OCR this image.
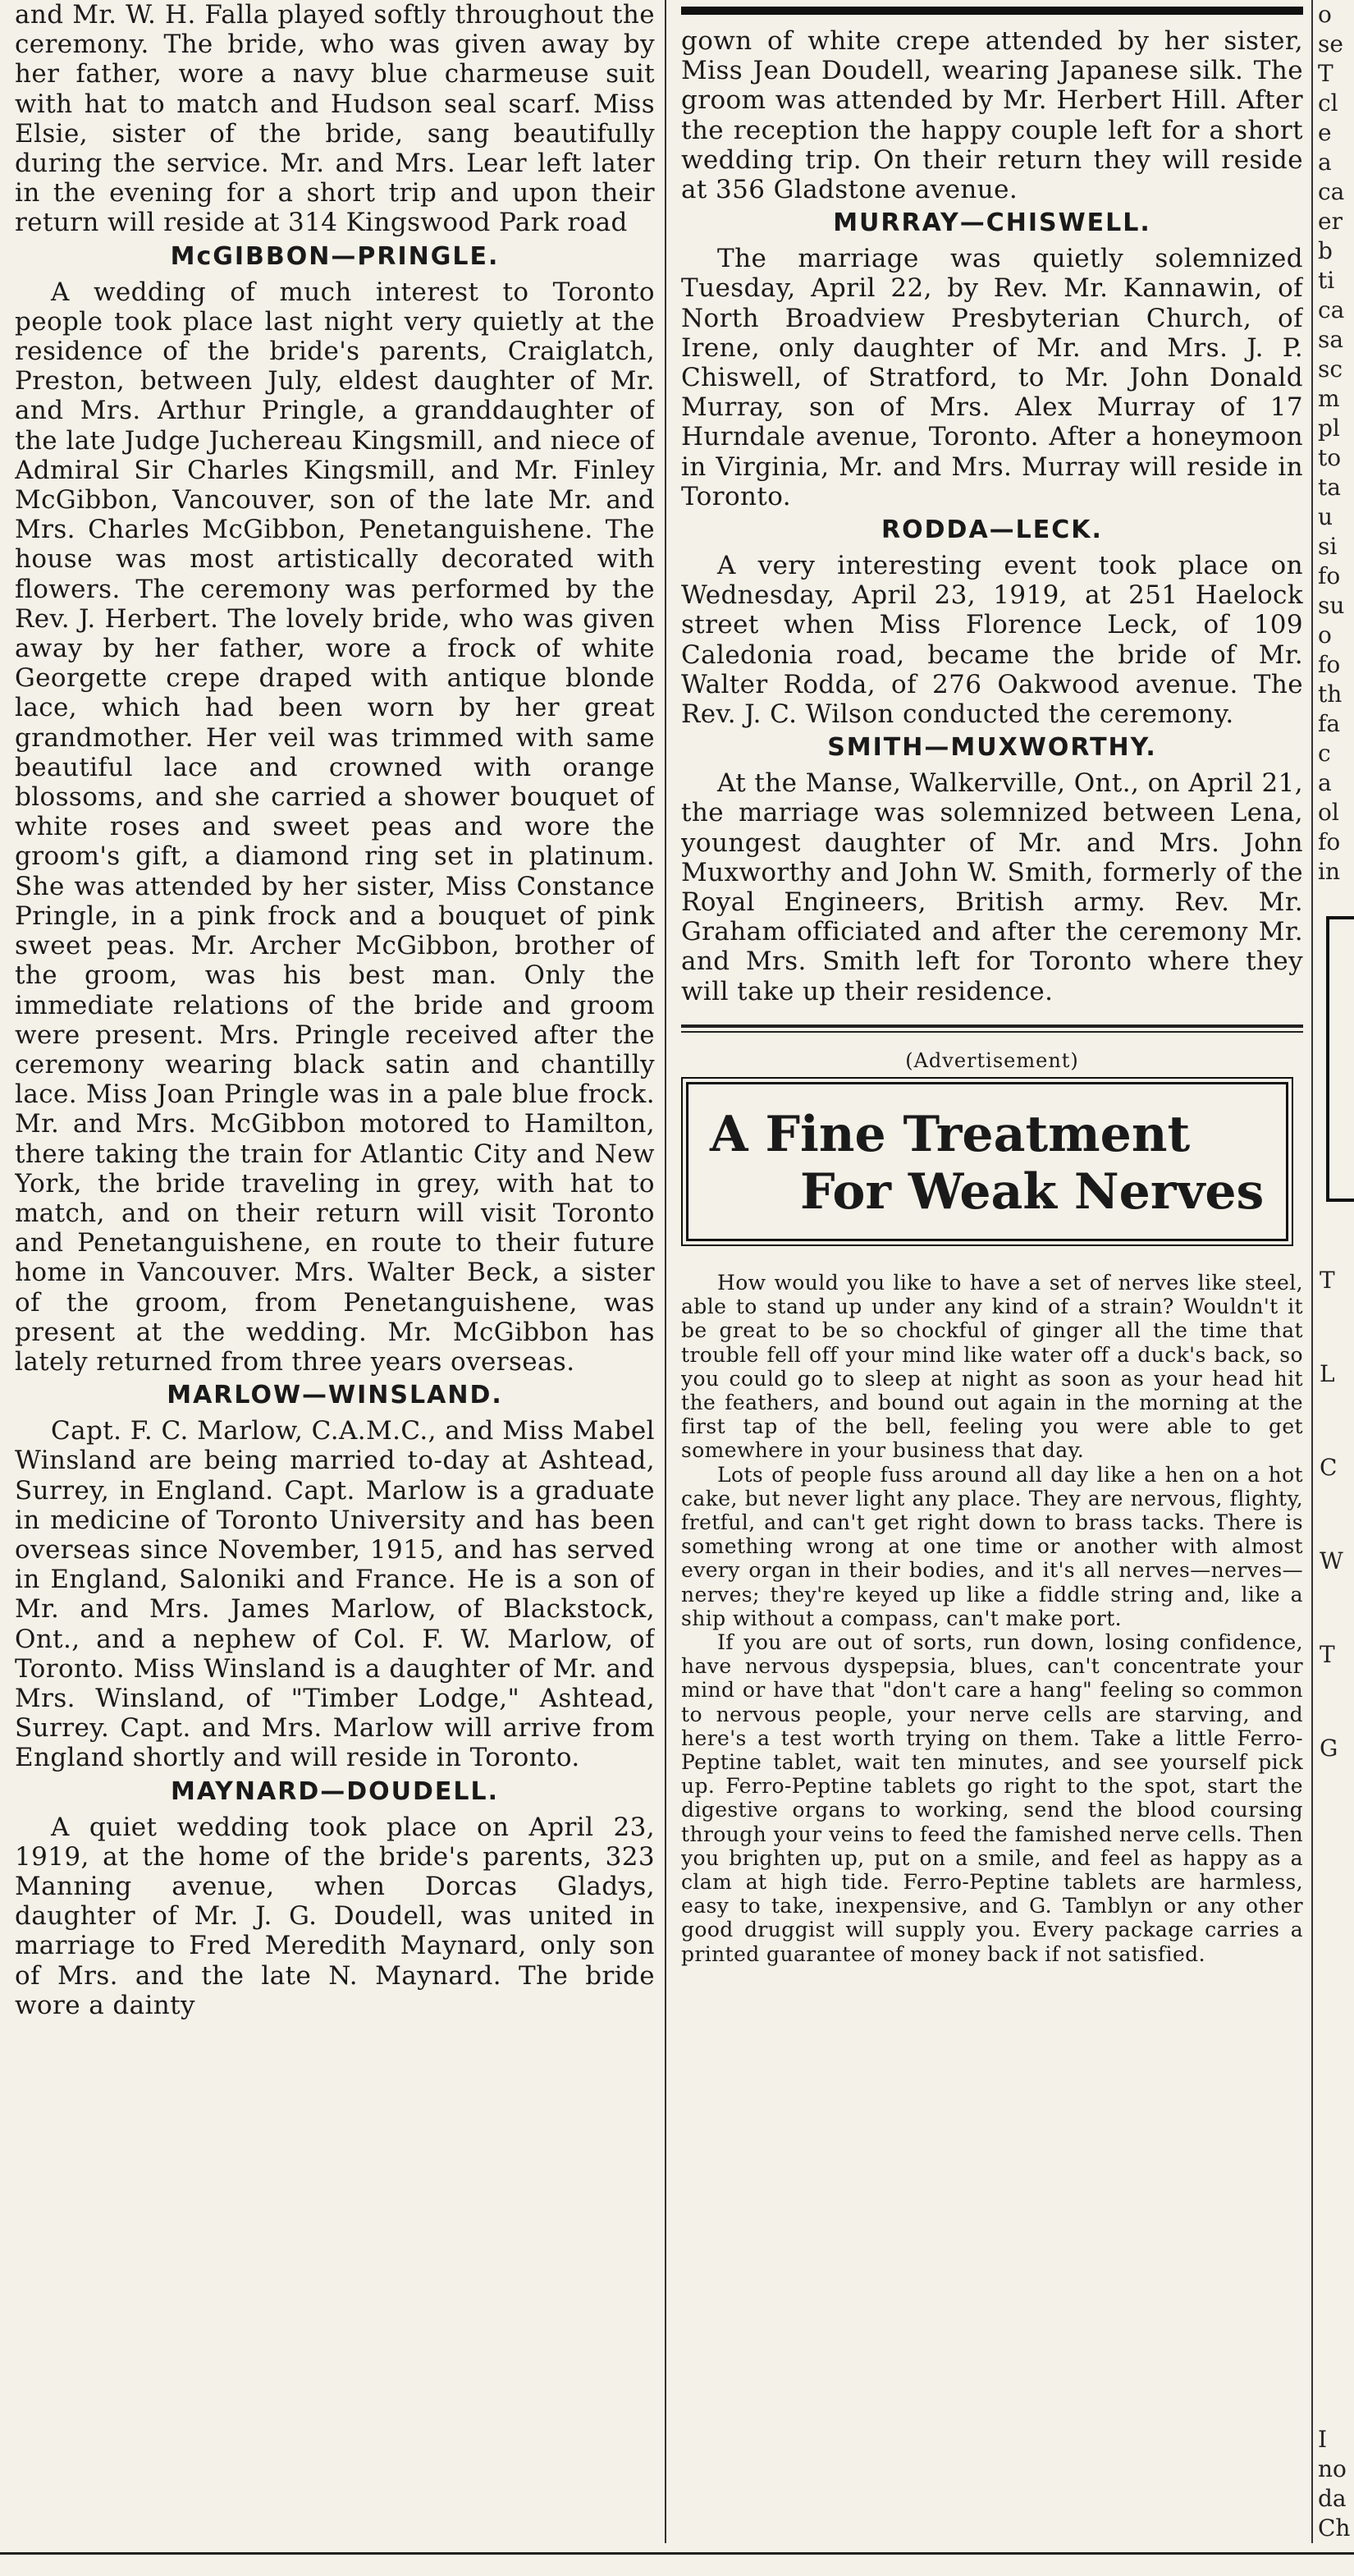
and Mr. W. H. Falla played softly throughout the ceremony. The bride, who was given away by her father, wore a navy blue charmeuse suit with hat to match and Hudson seal scarf. Miss Elsie, sister of the bride, sang beautifully during the service. Mr. and Mrs. Lear left later in the evening for a short trip and upon their return will reside at 314 Kingswood Park road

McGIBBON—PRINGLE.

A wedding of much interest to Toronto people took place last night very quietly at the residence of the bride's parents, Craiglatch, Preston, between July, eldest daughter of Mr. and Mrs. Arthur Pringle, a granddaughter of the late Judge Juchereau Kingsmill, and niece of Admiral Sir Charles Kingsmill, and Mr. Finley McGibbon, Vancouver, son of the late Mr. and Mrs. Charles McGibbon, Penetanguishene. The house was most artistically decorated with flowers. The ceremony was performed by the Rev. J. Herbert. The lovely bride, who was given away by her father, wore a frock of white Georgette crepe draped with antique blonde lace, which had been worn by her great grandmother. Her veil was trimmed with same beautiful lace and crowned with orange blossoms, and she carried a shower bouquet of white roses and sweet peas and wore the groom's gift, a diamond ring set in platinum. She was attended by her sister, Miss Constance Pringle, in a pink frock and a bouquet of pink sweet peas. Mr. Archer McGibbon, brother of the groom, was his best man. Only the immediate relations of the bride and groom were present. Mrs. Pringle received after the ceremony wearing black satin and chantilly lace. Miss Joan Pringle was in a pale blue frock. Mr. and Mrs. McGibbon motored to Hamilton, there taking the train for Atlantic City and New York, the bride traveling in grey, with hat to match, and on their return will visit Toronto and Penetanguishene, en route to their future home in Vancouver. Mrs. Walter Beck, a sister of the groom, from Penetanguishene, was present at the wedding. Mr. McGibbon has lately returned from three years overseas.

MARLOW—WINSLAND.

Capt. F. C. Marlow, C.A.M.C., and Miss Mabel Winsland are being married to-day at Ashtead, Surrey, in England. Capt. Marlow is a graduate in medicine of Toronto University and has been overseas since November, 1915, and has served in England, Saloniki and France. He is a son of Mr. and Mrs. James Marlow, of Blackstock, Ont., and a nephew of Col. F. W. Marlow, of Toronto. Miss Winsland is a daughter of Mr. and Mrs. Winsland, of "Timber Lodge," Ashtead, Surrey. Capt. and Mrs. Marlow will arrive from England shortly and will reside in Toronto.

MAYNARD—DOUDELL.

A quiet wedding took place on April 23, 1919, at the home of the bride's parents, 323 Manning avenue, when Dorcas Gladys, daughter of Mr. J. G. Doudell, was united in marriage to Fred Meredith Maynard, only son of Mrs. and the late N. Maynard. The bride wore a dainty

gown of white crepe attended by her sister, Miss Jean Doudell, wearing Japanese silk. The groom was attended by Mr. Herbert Hill. After the reception the happy couple left for a short wedding trip. On their return they will reside at 356 Gladstone avenue.

MURRAY—CHISWELL.

The marriage was quietly solemnized Tuesday, April 22, by Rev. Mr. Kannawin, of North Broadview Presbyterian Church, of Irene, only daughter of Mr. and Mrs. J. P. Chiswell, of Stratford, to Mr. John Donald Murray, son of Mrs. Alex Murray of 17 Hurndale avenue, Toronto. After a honeymoon in Virginia, Mr. and Mrs. Murray will reside in Toronto.

RODDA—LECK.

A very interesting event took place on Wednesday, April 23, 1919, at 251 Haelock street when Miss Florence Leck, of 109 Caledonia road, became the bride of Mr. Walter Rodda, of 276 Oakwood avenue. The Rev. J. C. Wilson conducted the ceremony.

SMITH—MUXWORTHY.

At the Manse, Walkerville, Ont., on April 21, the marriage was solemnized between Lena, youngest daughter of Mr. and Mrs. John Muxworthy and John W. Smith, formerly of the Royal Engineers, British army. Rev. Mr. Graham officiated and after the ceremony Mr. and Mrs. Smith left for Toronto where they will take up their residence.

(Advertisement)
A Fine Treatment
For Weak Nerves

How would you like to have a set of nerves like steel, able to stand up under any kind of a strain? Wouldn't it be great to be so chockful of ginger all the time that trouble fell off your mind like water off a duck's back, so you could go to sleep at night as soon as your head hit the feathers, and bound out again in the morning at the first tap of the bell, feeling you were able to get somewhere in your business that day.

Lots of people fuss around all day like a hen on a hot cake, but never light any place. They are nervous, flighty, fretful, and can't get right down to brass tacks. There is something wrong at one time or another with almost every organ in their bodies, and it's all nerves—nerves—nerves; they're keyed up like a fiddle string and, like a ship without a compass, can't make port.

If you are out of sorts, run down, losing confidence, have nervous dyspepsia, blues, can't concentrate your mind or have that "don't care a hang" feeling so common to nervous people, your nerve cells are starving, and here's a test worth trying on them. Take a little Ferro-Peptine tablet, wait ten minutes, and see yourself pick up. Ferro-Peptine tablets go right to the spot, start the digestive organs to working, send the blood coursing through your veins to feed the famished nerve cells. Then you brighten up, put on a smile, and feel as happy as a clam at high tide. Ferro-Peptine tablets are harmless, easy to take, inexpensive, and G. Tamblyn or any other good druggist will supply you. Every package carries a printed guarantee of money back if not satisfied.

o
se
T
cl
e
a
ca
er
b
ti
ca
sa
sc
m
pl
to
ta
u
si
fo
su
o
fo
th
fa
c
a
ol
fo
in
T
L
C
W
T
G
I
no
da
Ch
